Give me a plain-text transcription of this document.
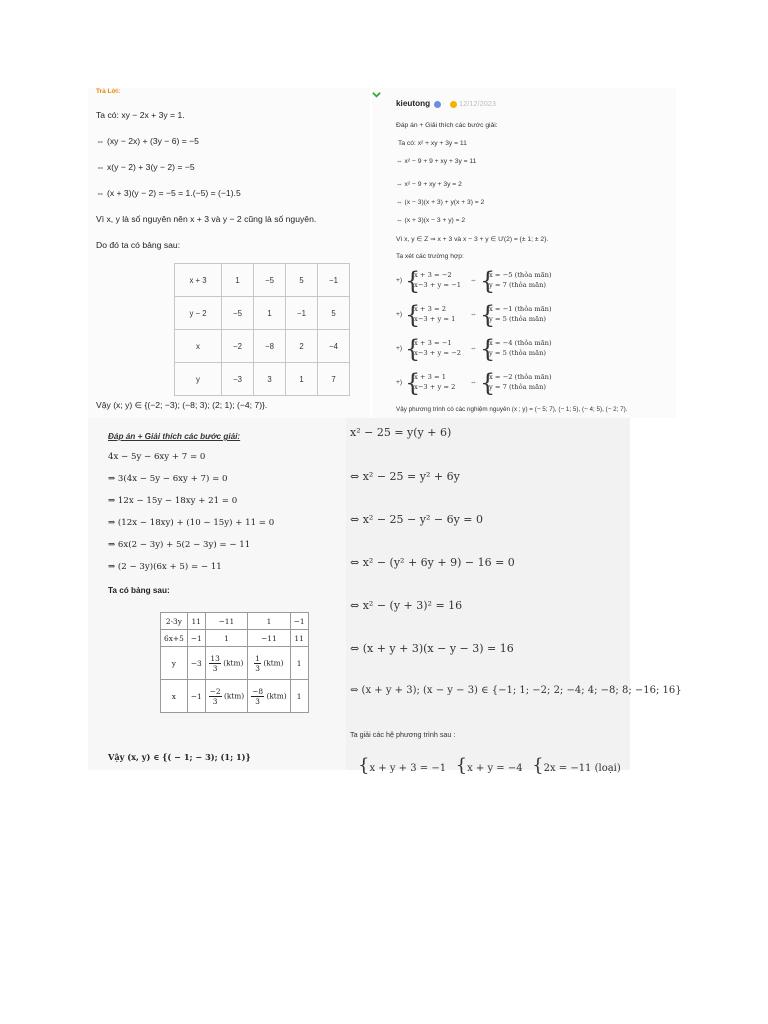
Trả Lời:
Ta có: xy − 2x + 3y = 1.
⇔ (xy − 2x) + (3y − 6) = −5
⇔ x(y − 2) + 3(y − 2) = −5
⇔ (x + 3)(y − 2) = −5 = 1.(−5) = (−1).5
Vì x, y là số nguyên nên x + 3 và y − 2 cũng là số nguyên.
Do đó ta có bảng sau:
x + 3	1	−5	5	−1
y − 2	−5	1	−1	5
x	−2	−8	2	−4
y	−3	3	1	7
Vậy (x; y) ∈ {(−2; −3); (−8; 3); (2; 1); (−4; 7)}.
kieutong · 12/12/2023
Đáp án + Giải thích các bước giải:
Ta có: x² + xy + 3y = 11
⇔ x² − 9 + 9 + xy + 3y = 11
⇔ x² − 9 + xy + 3y = 2
⇔ (x − 3)(x + 3) + y(x + 3) = 2
⇔ (x + 3)(x − 3 + y) = 2
Vì x, y ∈ Z ⇒ x + 3 và x − 3 + y ∈ Ư(2) = {± 1; ± 2}.
Ta xét các trường hợp:
+) {
x + 3 = −2
x−3 + y = −1
⇔ {
x = −5 (thỏa mãn)
y = 7 (thỏa mãn)
+) {
x + 3 = 2
x−3 + y = 1
⇔ {
x = −1 (thỏa mãn)
y = 5 (thỏa mãn)
+) {
x + 3 = −1
x−3 + y = −2
⇔ {
x = −4 (thỏa mãn)
y = 5 (thỏa mãn)
+) {
x + 3 = 1
x−3 + y = 2
⇔ {
x = −2 (thỏa mãn)
y = 7 (thỏa mãn)
Vậy phương trình có các nghiệm nguyên (x ; y) = (− 5; 7), (− 1; 5), (− 4; 5), (− 2; 7).
Đáp án + Giải thích các bước giải:
4x − 5y − 6xy + 7 = 0
⇒ 3(4x − 5y − 6xy + 7) = 0
⇒ 12x − 15y − 18xy + 21 = 0
⇒ (12x − 18xy) + (10 − 15y) + 11 = 0
⇒ 6x(2 − 3y) + 5(2 − 3y) = − 11
⇒ (2 − 3y)(6x + 5) = − 11
Ta có bảng sau:
2-3y	11	−11	1	−1
6x+5	−1	1	−11	11
y	−3	$\frac{13}{3} (ktm)$	$\frac{1}{3} (ktm)$	1
x	−1	$\frac{-2}{3} (ktm)$	$\frac{-8}{3} (ktm)$	1
Vậy (x, y) ∈ {( − 1; − 3); (1; 1)}
x² − 25 = y(y + 6)
⇔ x² − 25 = y² + 6y
⇔ x² − 25 − y² − 6y = 0
⇔ x² − (y² + 6y + 9) − 16 = 0
⇔ x² − (y + 3)² = 16
⇔ (x + y + 3)(x − y − 3) = 16
⇔ (x + y + 3); (x − y − 3) ∈ {−1; 1; −2; 2; −4; 4; −8; 8; −16; 16}
Ta giải các hệ phương trình sau :
{x + y + 3 = −1 {x + y = −4 {2x = −11 (loại)
